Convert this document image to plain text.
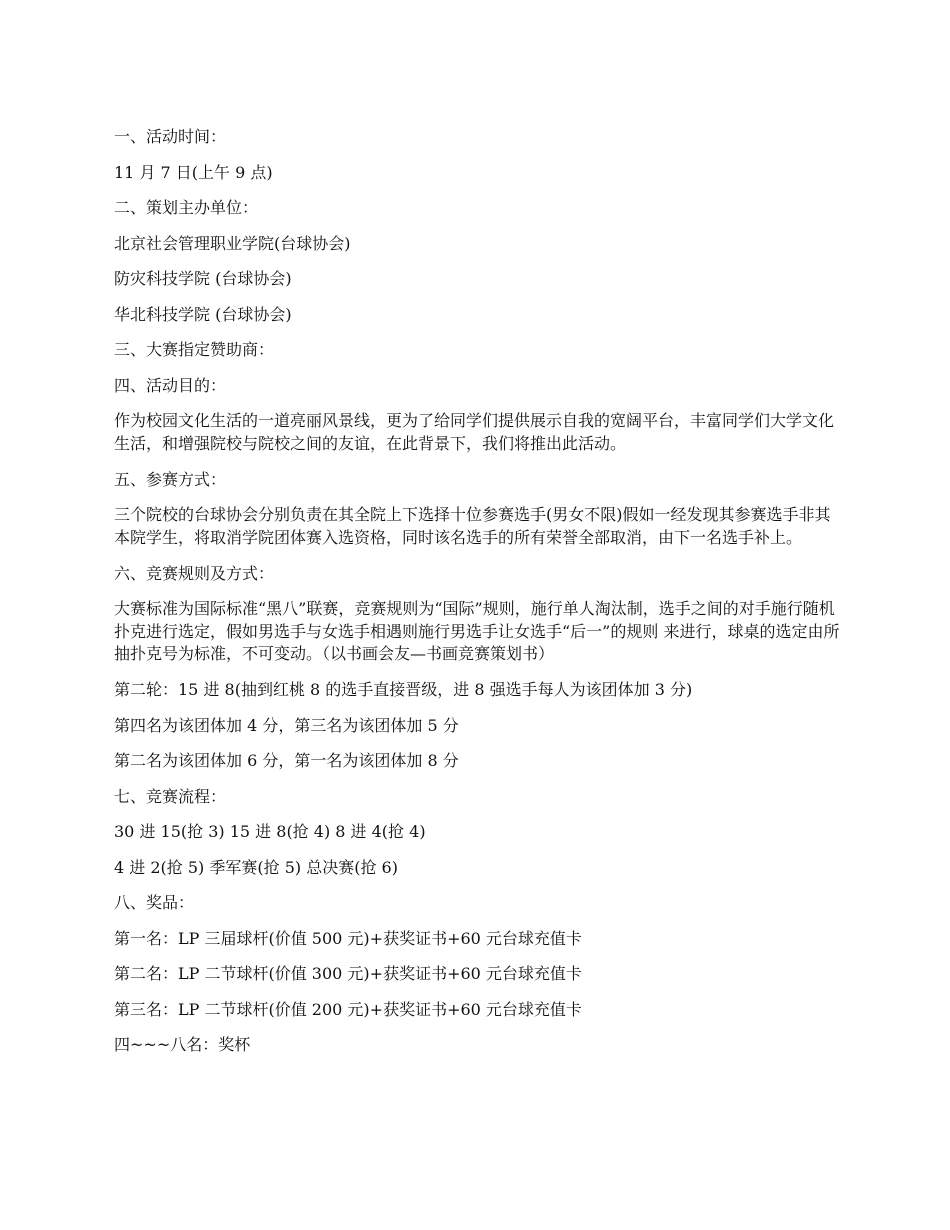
一、活动时间：

11 月 7 日(上午 9 点)

二、策划主办单位：

北京社会管理职业学院(台球协会)

防灾科技学院 (台球协会)

华北科技学院 (台球协会)

三、大赛指定赞助商：

四、活动目的：

作为校园文化生活的一道亮丽风景线，更为了给同学们提供展示自我的宽阔平台，丰富同学们大学文化生活，和增强院校与院校之间的友谊，在此背景下，我们将推出此活动。

五、参赛方式：

三个院校的台球协会分别负责在其全院上下选择十位参赛选手(男女不限)假如一经发现其参赛选手非其本院学生，将取消学院团体赛入选资格，同时该名选手的所有荣誉全部取消，由下一名选手补上。

六、竞赛规则及方式：

大赛标准为国际标准“黑八”联赛，竞赛规则为“国际”规则，施行单人淘汰制，选手之间的对手施行随机扑克进行选定，假如男选手与女选手相遇则施行男选手让女选手“后一”的规则 来进行，球桌的选定由所抽扑克号为标准，不可变动。（以书画会友—书画竞赛策划书）

第二轮：15 进 8(抽到红桃 8 的选手直接晋级，进 8 强选手每人为该团体加 3 分)

第四名为该团体加 4 分，第三名为该团体加 5 分

第二名为该团体加 6 分，第一名为该团体加 8 分

七、竞赛流程：

30 进 15(抢 3) 15 进 8(抢 4) 8 进 4(抢 4)

4 进 2(抢 5) 季军赛(抢 5) 总决赛(抢 6)

八、奖品：

第一名：LP 三届球杆(价值 500 元)+获奖证书+60 元台球充值卡

第二名：LP 二节球杆(价值 300 元)+获奖证书+60 元台球充值卡

第三名：LP 二节球杆(价值 200 元)+获奖证书+60 元台球充值卡

四~~~八名：奖杯
